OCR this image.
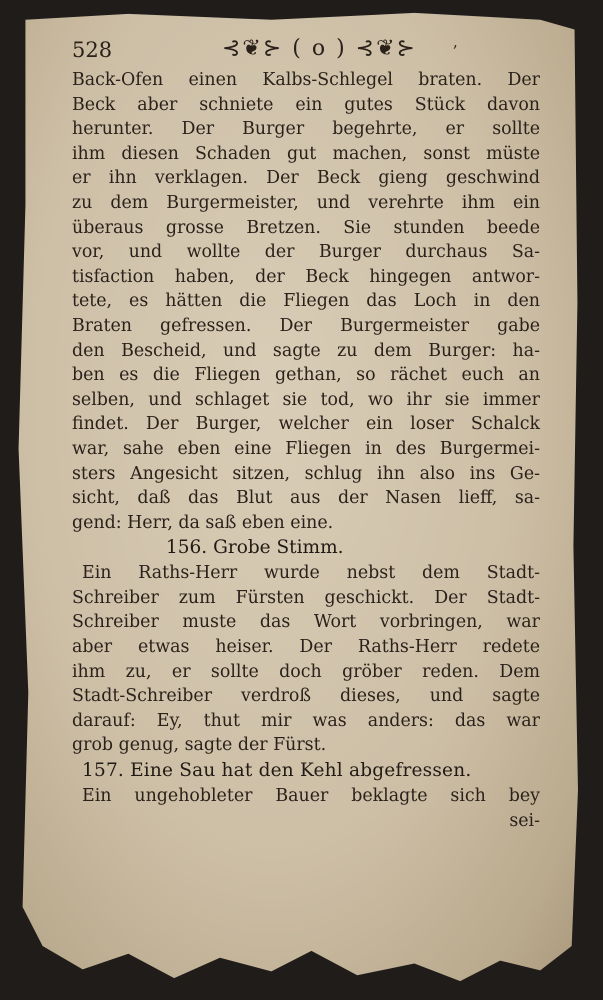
528	⊰❦⊱ ( o ) ⊰❦⊱ ʼ
Back-Ofen einen Kalbs-Schlegel braten. Der
Beck aber schniete ein gutes Stück davon
herunter. Der Burger begehrte, er sollte
ihm diesen Schaden gut machen, sonst müste
er ihn verklagen. Der Beck gieng geschwind
zu dem Burgermeister, und verehrte ihm ein
überaus grosse Bretzen. Sie stunden beede
vor, und wollte der Burger durchaus Sa-
tisfaction haben, der Beck hingegen antwor-
tete, es hätten die Fliegen das Loch in den
Braten gefressen. Der Burgermeister gabe
den Bescheid, und sagte zu dem Burger: ha-
ben es die Fliegen gethan, so rächet euch an
selben, und schlaget sie tod, wo ihr sie immer
findet. Der Burger, welcher ein loser Schalck
war, sahe eben eine Fliegen in des Burgermei-
sters Angesicht sitzen, schlug ihn also ins Ge-
sicht, daß das Blut aus der Nasen lieff, sa-
gend: Herr, da saß eben eine.
156. Grobe Stimm.
Ein Raths-Herr wurde nebst dem Stadt-
Schreiber zum Fürsten geschickt. Der Stadt-
Schreiber muste das Wort vorbringen, war
aber etwas heiser. Der Raths-Herr redete
ihm zu, er sollte doch gröber reden. Dem
Stadt-Schreiber verdroß dieses, und sagte
darauf: Ey, thut mir was anders: das war
grob genug, sagte der Fürst.
157. Eine Sau hat den Kehl abgefressen.
Ein ungehobleter Bauer beklagte sich bey
sei-
